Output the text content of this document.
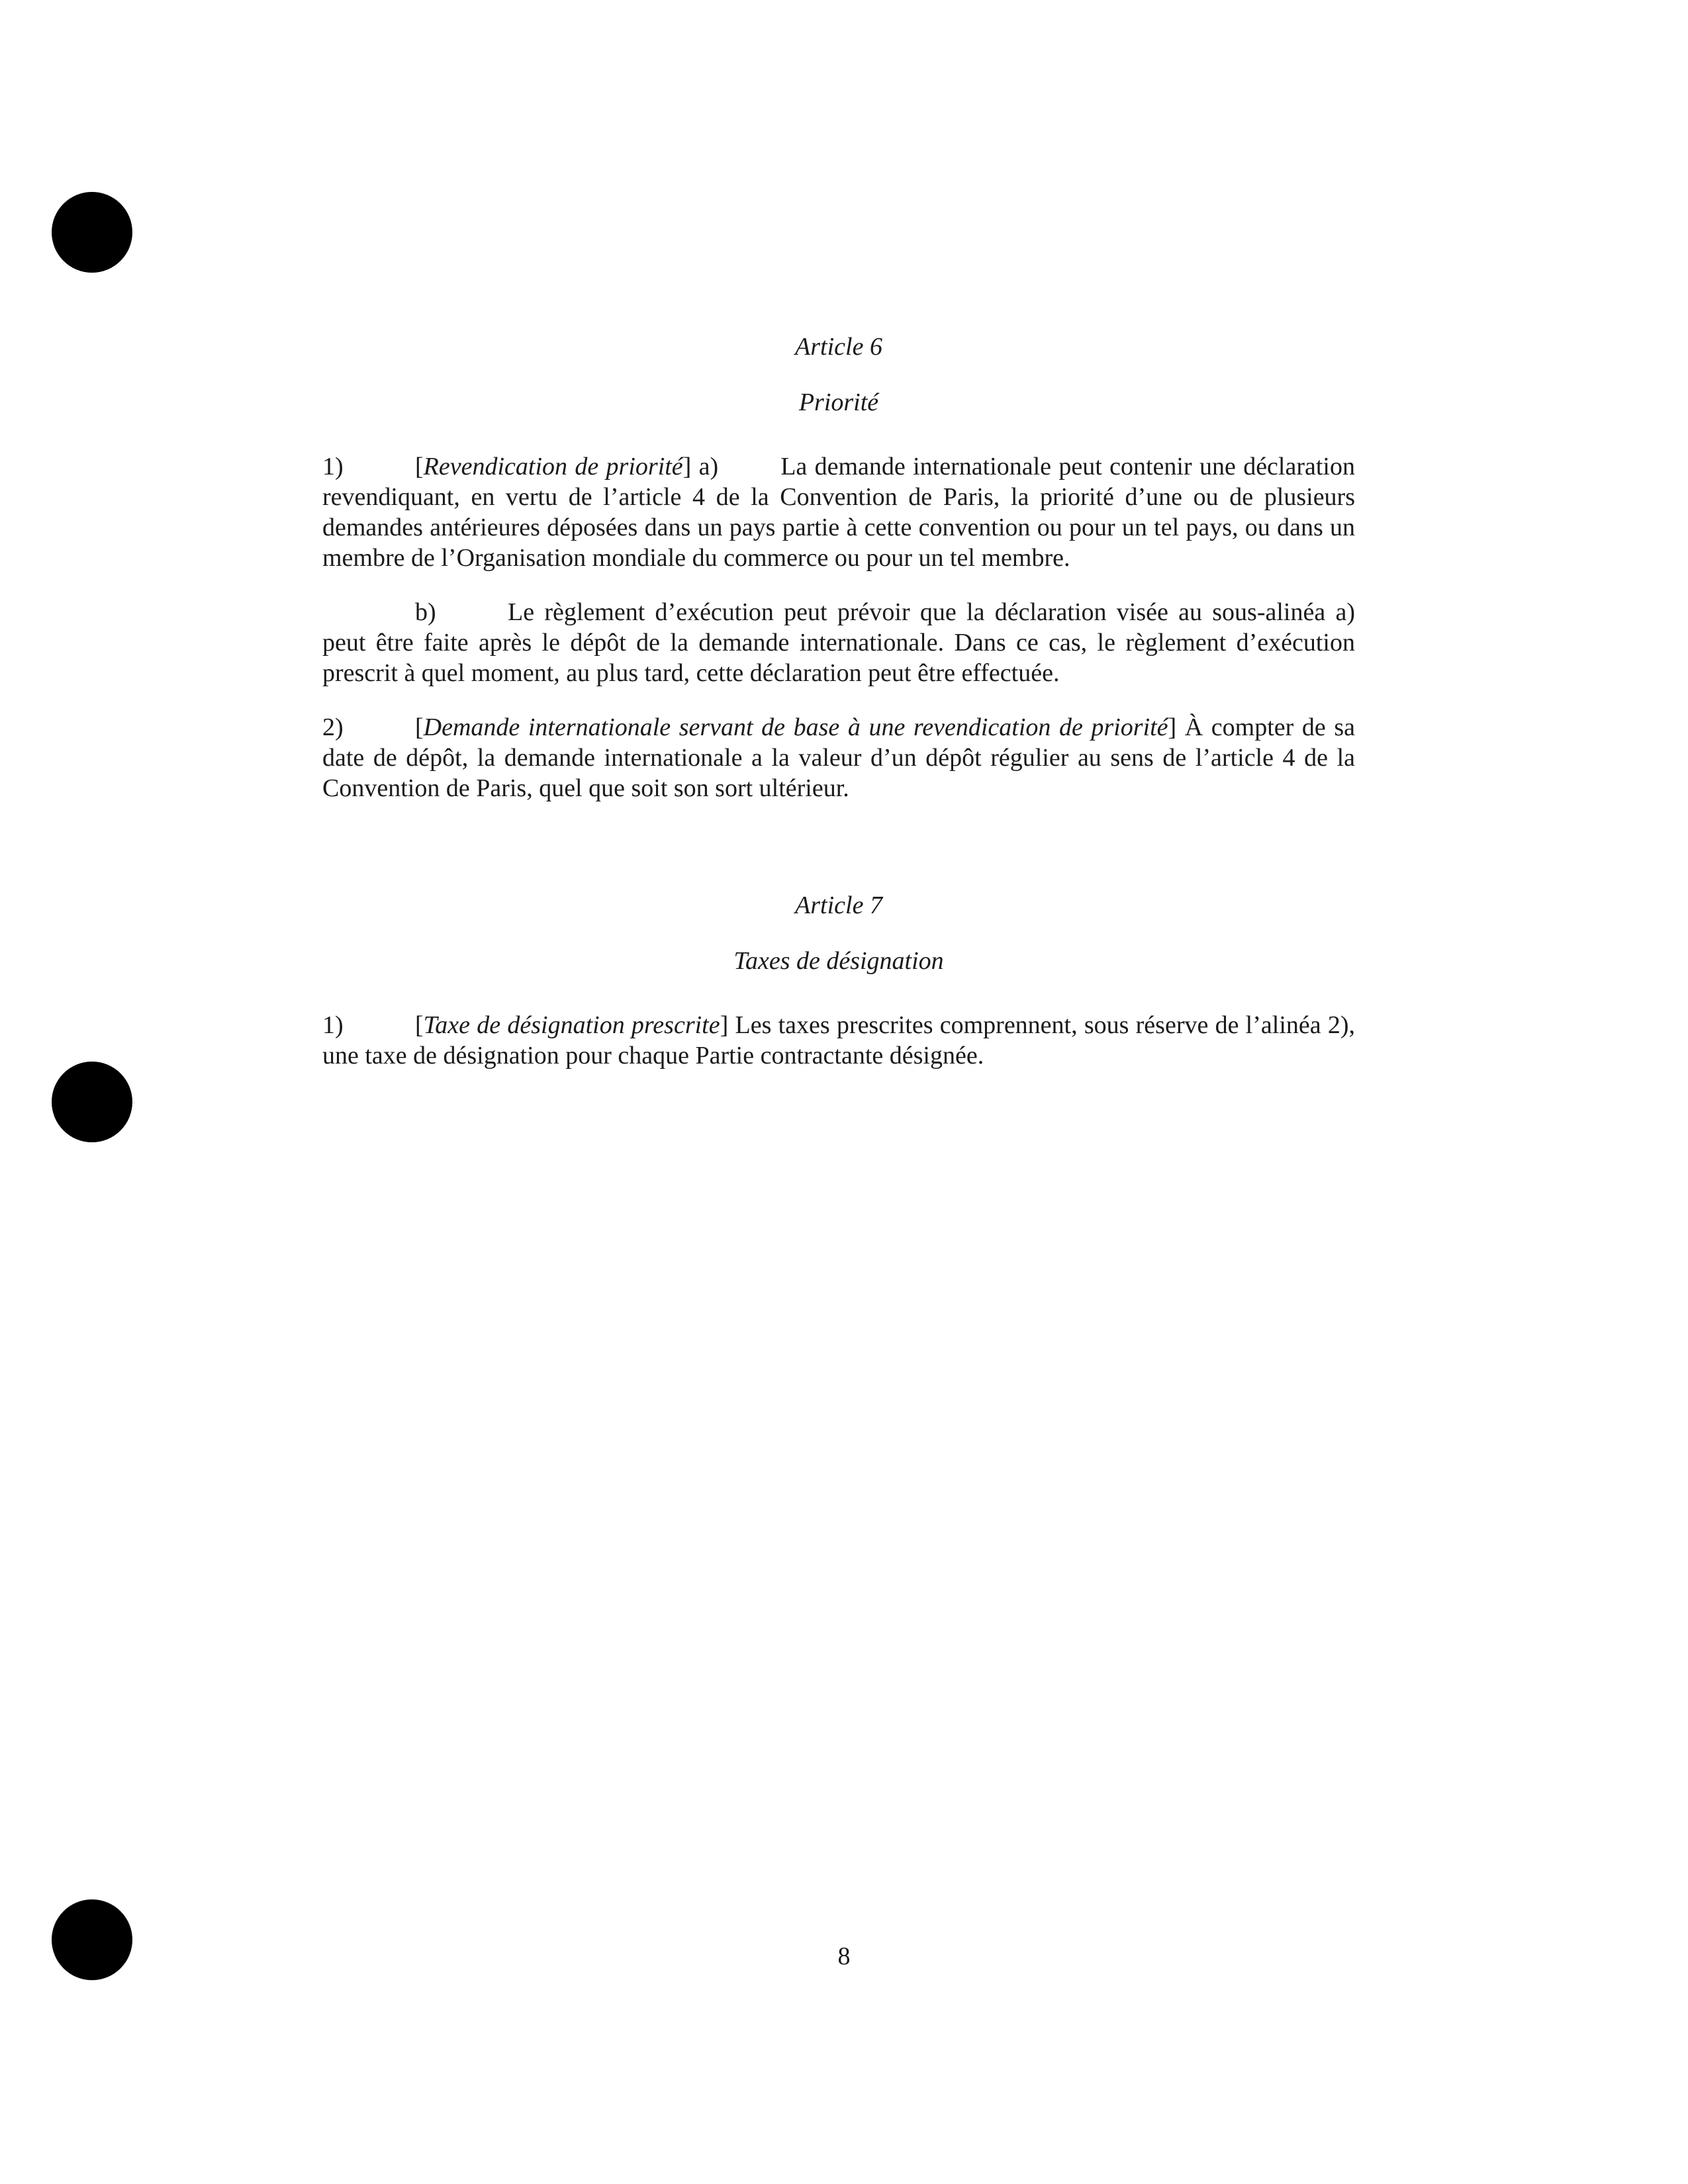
Article 6

Priorité

1)	[Revendication de priorité] a) La demande internationale peut contenir une déclaration revendiquant, en vertu de l’article 4 de la Convention de Paris, la priorité d’une ou de plusieurs demandes antérieures déposées dans un pays partie à cette convention ou pour un tel pays, ou dans un membre de l’Organisation mondiale du commerce ou pour un tel membre.

b)	Le règlement d’exécution peut prévoir que la déclaration visée au sous-alinéa a) peut être faite après le dépôt de la demande internationale. Dans ce cas, le règlement d’exécution prescrit à quel moment, au plus tard, cette déclaration peut être effectuée.

2)	[Demande internationale servant de base à une revendication de priorité] À compter de sa date de dépôt, la demande internationale a la valeur d’un dépôt régulier au sens de l’article 4 de la Convention de Paris, quel que soit son sort ultérieur.

Article 7

Taxes de désignation

1)	[Taxe de désignation prescrite] Les taxes prescrites comprennent, sous réserve de l’alinéa 2), une taxe de désignation pour chaque Partie contractante désignée.

8
